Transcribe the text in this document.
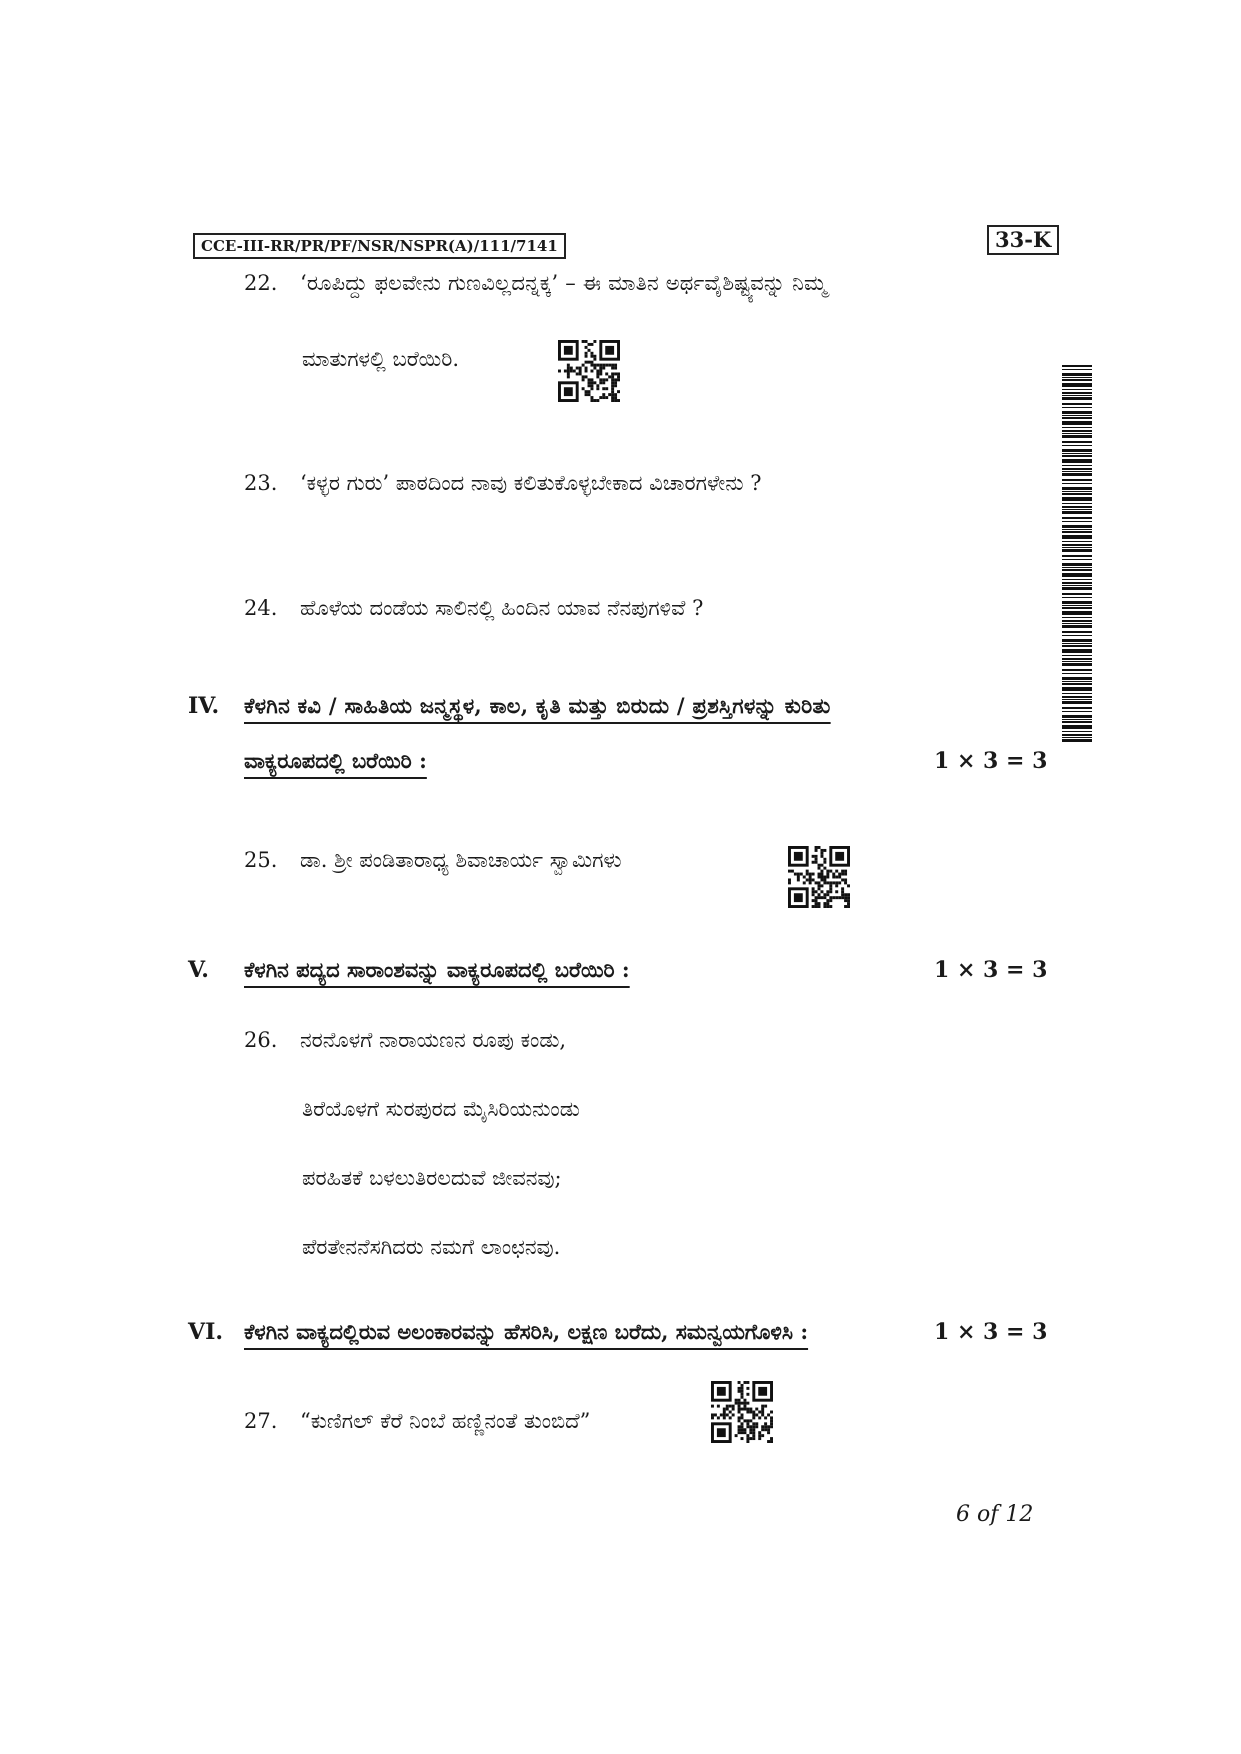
CCE-III-RR/PR/PF/NSR/NSPR(A)/111/7141	33-K
22. ‘ರೂಪಿದ್ದು ಫಲವೇನು ಗುಣವಿಲ್ಲದನ್ನಕ್ಕ’ – ಈ ಮಾತಿನ ಅರ್ಥವೈಶಿಷ್ಟ್ಯವನ್ನು ನಿಮ್ಮ
ಮಾತುಗಳಲ್ಲಿ ಬರೆಯಿರಿ.
23. ‘ಕಳ್ಳರ ಗುರು’ ಪಾಠದಿಂದ ನಾವು ಕಲಿತುಕೊಳ್ಳಬೇಕಾದ ವಿಚಾರಗಳೇನು ?
24. ಹೊಳೆಯ ದಂಡೆಯ ಸಾಲಿನಲ್ಲಿ ಹಿಂದಿನ ಯಾವ ನೆನಪುಗಳಿವೆ ?
IV. ಕೆಳಗಿನ ಕವಿ / ಸಾಹಿತಿಯ ಜನ್ಮಸ್ಥಳ, ಕಾಲ, ಕೃತಿ ಮತ್ತು ಬಿರುದು / ಪ್ರಶಸ್ತಿಗಳನ್ನು ಕುರಿತು
ವಾಕ್ಯರೂಪದಲ್ಲಿ ಬರೆಯಿರಿ :	1 × 3 = 3
25. ಡಾ. ಶ್ರೀ ಪಂಡಿತಾರಾಧ್ಯ ಶಿವಾಚಾರ್ಯ ಸ್ವಾಮಿಗಳು
V. ಕೆಳಗಿನ ಪದ್ಯದ ಸಾರಾಂಶವನ್ನು ವಾಕ್ಯರೂಪದಲ್ಲಿ ಬರೆಯಿರಿ :	1 × 3 = 3
26. ನರನೊಳಗೆ ನಾರಾಯಣನ ರೂಪು ಕಂಡು,
ತಿರೆಯೊಳಗೆ ಸುರಪುರದ ಮೈಸಿರಿಯನುಂಡು
ಪರಹಿತಕೆ ಬಳಲುತಿರಲದುವೆ ಜೀವನವು;
ಪೆರತೇನನೆಸಗಿದರು ನಮಗೆ ಲಾಂಛನವು.
VI. ಕೆಳಗಿನ ವಾಕ್ಯದಲ್ಲಿರುವ ಅಲಂಕಾರವನ್ನು ಹೆಸರಿಸಿ, ಲಕ್ಷಣ ಬರೆದು, ಸಮನ್ವಯಗೊಳಿಸಿ :	1 × 3 = 3
27. “ಕುಣಿಗಲ್ ಕೆರೆ ನಿಂಬೆ ಹಣ್ಣಿನಂತೆ ತುಂಬಿದೆ”
6 of 12
